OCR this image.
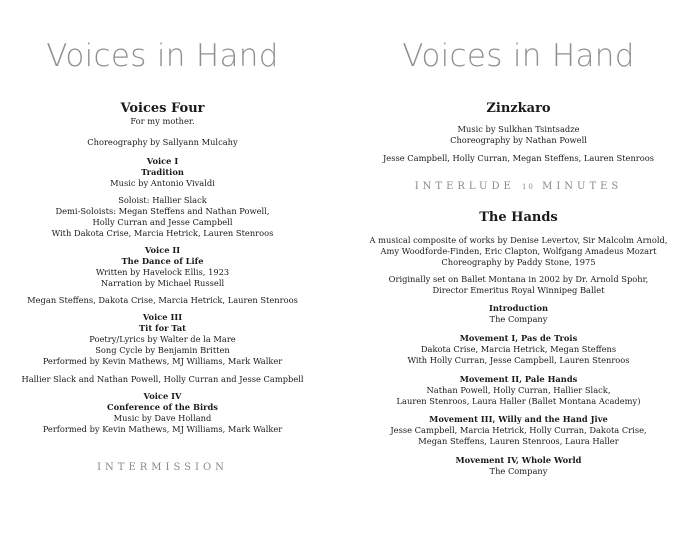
Voices in Hand
Voices Four
For my mother.
Choreography by Sallyann Mulcahy
Voice I
Tradition
Music by Antonio Vivaldi
Soloist: Hallier Slack
Demi-Soloists: Megan Steffens and Nathan Powell,
Holly Curran and Jesse Campbell
With Dakota Crise, Marcia Hetrick, Lauren Stenroos
Voice II
The Dance of Life
Written by Havelock Ellis, 1923
Narration by Michael Russell
Megan Steffens, Dakota Crise, Marcia Hetrick, Lauren Stenroos
Voice III
Tit for Tat
Poetry/Lyrics by Walter de la Mare
Song Cycle by Benjamin Britten
Performed by Kevin Mathews, MJ Williams, Mark Walker
Hallier Slack and Nathan Powell, Holly Curran and Jesse Campbell
Voice IV
Conference of the Birds
Music by Dave Holland
Performed by Kevin Mathews, MJ Williams, Mark Walker
INTERMISSION
Voices in Hand
Zinzkaro
Music by Sulkhan Tsintsadze
Choreography by Nathan Powell
Jesse Campbell, Holly Curran, Megan Steffens, Lauren Stenroos
INTERLUDE 10 MINUTES
The Hands
A musical composite of works by Denise Levertov, Sir Malcolm Arnold,
Amy Woodforde-Finden, Eric Clapton, Wolfgang Amadeus Mozart
Choreography by Paddy Stone, 1975
Originally set on Ballet Montana in 2002 by Dr. Arnold Spohr,
Director Emeritus Royal Winnipeg Ballet
Introduction
The Company
Movement I, Pas de Trois
Dakota Crise, Marcia Hetrick, Megan Steffens
With Holly Curran, Jesse Campbell, Lauren Stenroos
Movement II, Pale Hands
Nathan Powell, Holly Curran, Hallier Slack,
Lauren Stenroos, Laura Haller (Ballet Montana Academy)
Movement III, Willy and the Hand Jive
Jesse Campbell, Marcia Hetrick, Holly Curran, Dakota Crise,
Megan Steffens, Lauren Stenroos, Laura Haller
Movement IV, Whole World
The Company
